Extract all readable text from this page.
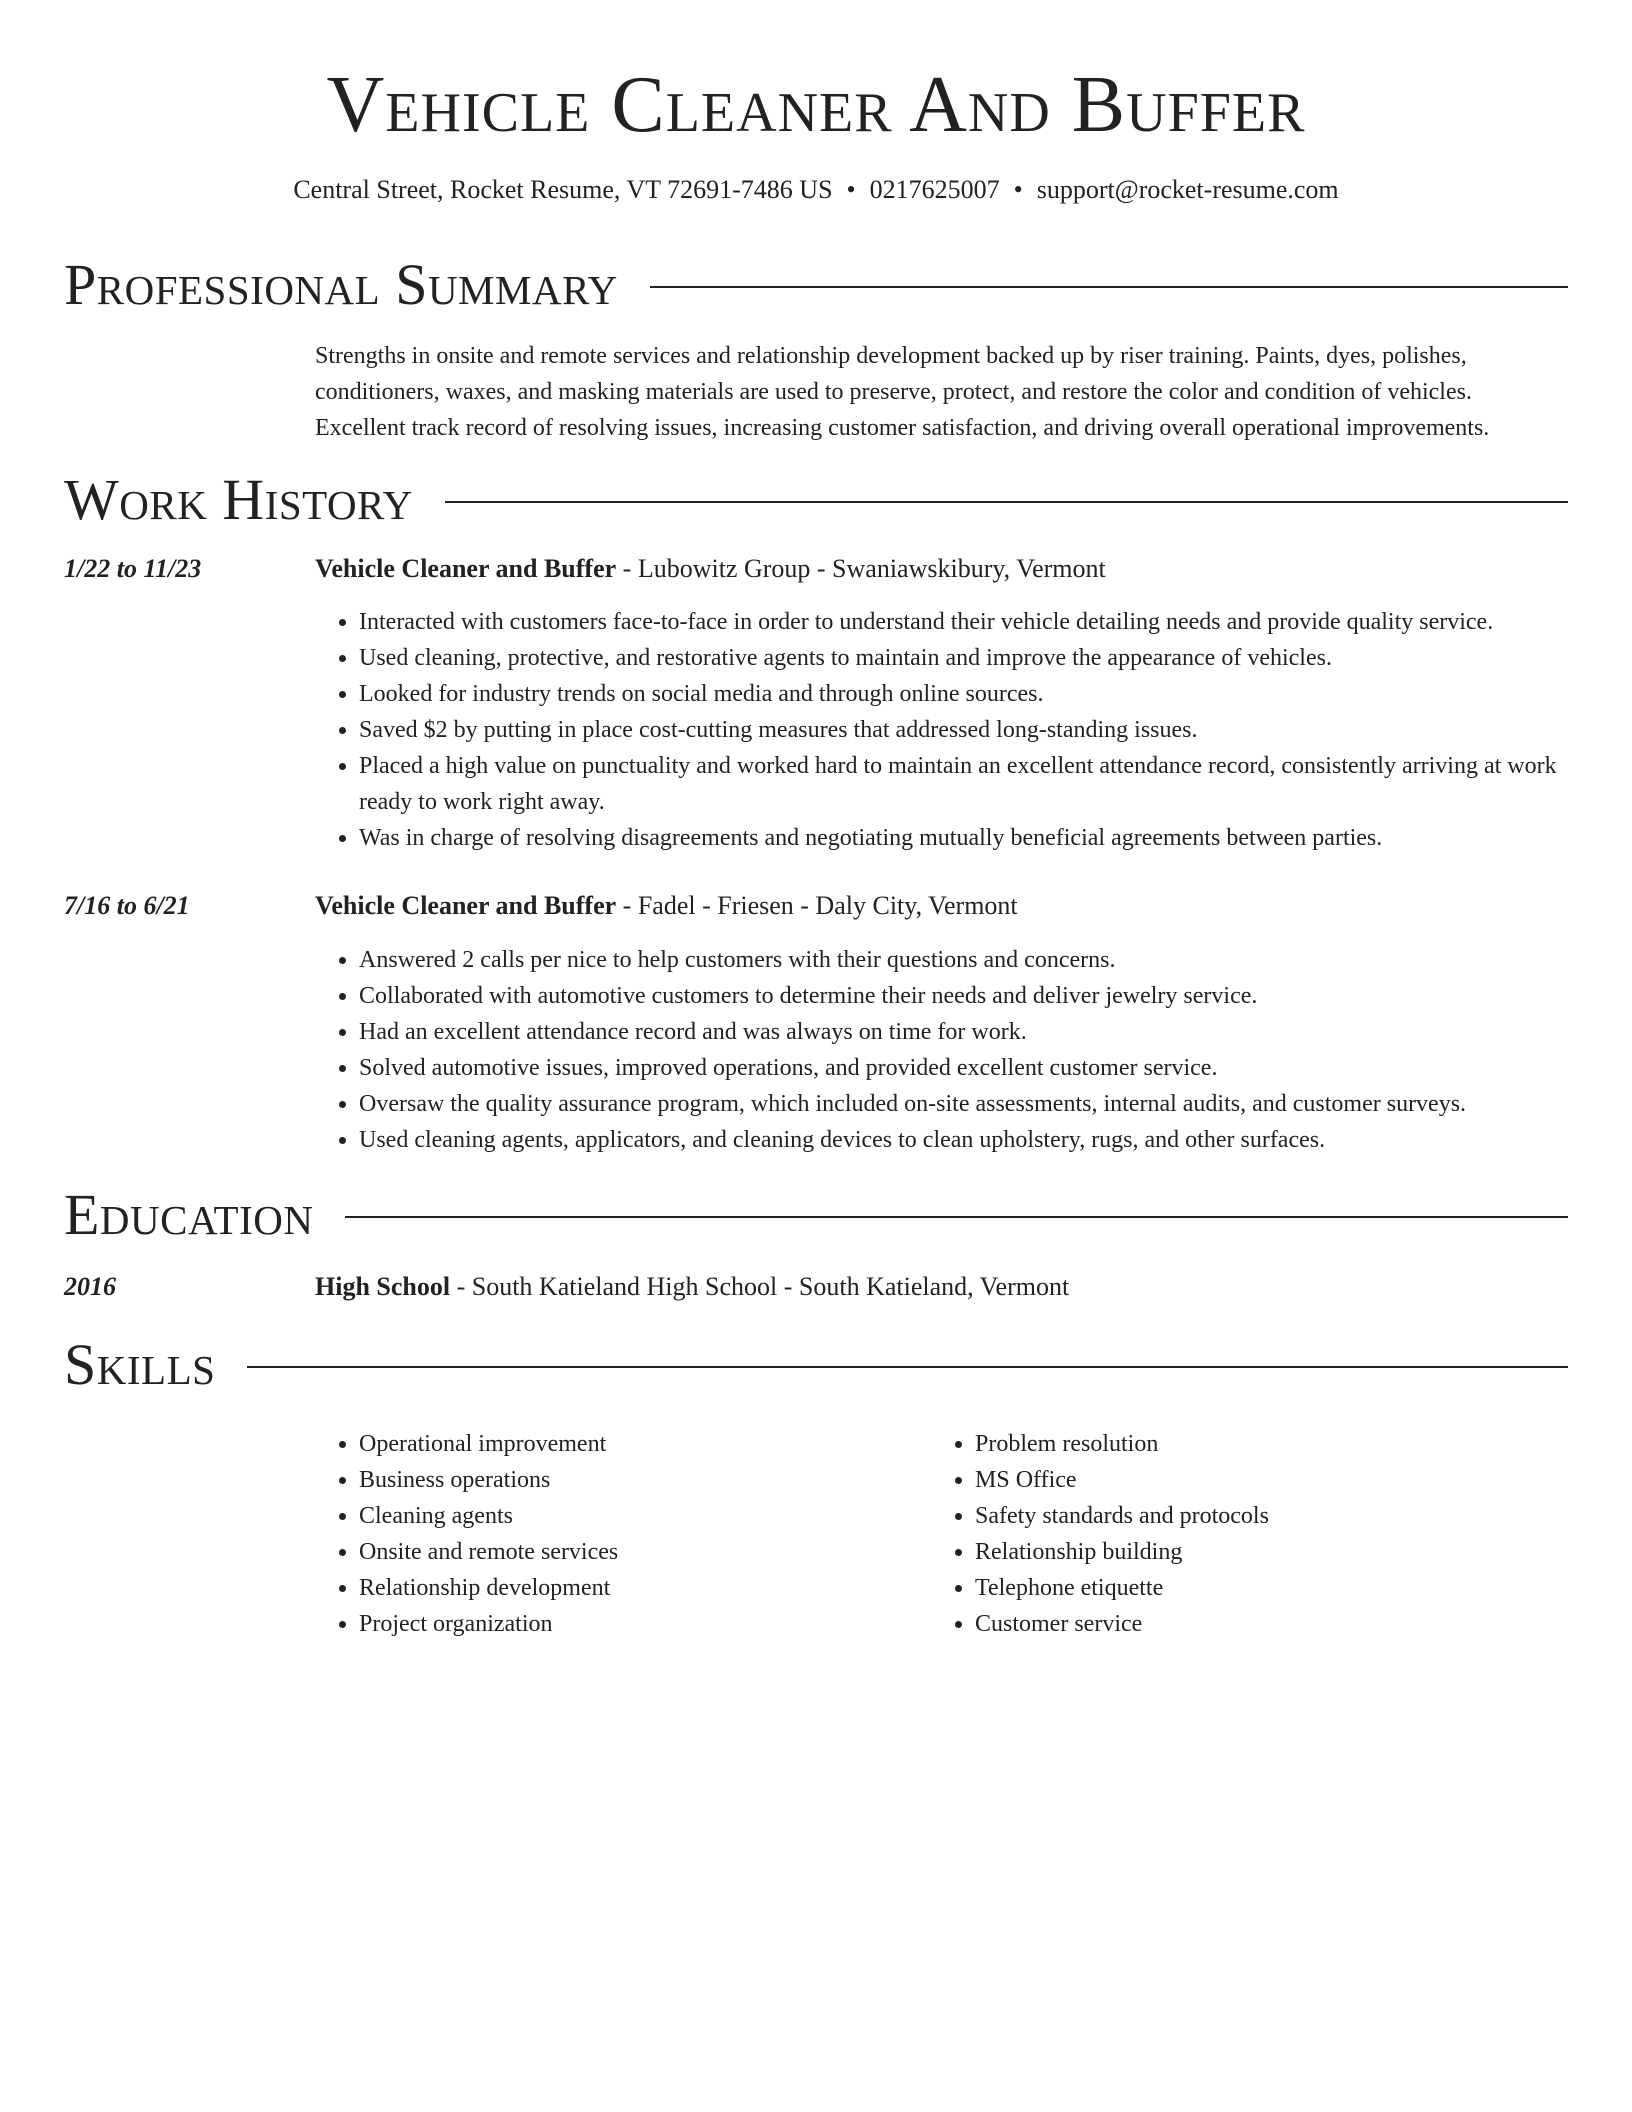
Vehicle Cleaner And Buffer
Central Street, Rocket Resume, VT 72691-7486 US • 0217625007 • support@rocket-resume.com
Professional Summary

Strengths in onsite and remote services and relationship development backed up by riser training. Paints, dyes, polishes, conditioners, waxes, and masking materials are used to preserve, protect, and restore the color and condition of vehicles. Excellent track record of resolving issues, increasing customer satisfaction, and driving overall operational improvements.

Work History
1/22 to 11/23	Vehicle Cleaner and Buffer - Lubowitz Group - Swaniawskibury, Vermont
• Interacted with customers face-to-face in order to understand their vehicle detailing needs and provide quality service.
• Used cleaning, protective, and restorative agents to maintain and improve the appearance of vehicles.
• Looked for industry trends on social media and through online sources.
• Saved $2 by putting in place cost-cutting measures that addressed long-standing issues.
• Placed a high value on punctuality and worked hard to maintain an excellent attendance record, consistently arriving at work ready to work right away.
• Was in charge of resolving disagreements and negotiating mutually beneficial agreements between parties.
7/16 to 6/21	Vehicle Cleaner and Buffer - Fadel - Friesen - Daly City, Vermont
• Answered 2 calls per nice to help customers with their questions and concerns.
• Collaborated with automotive customers to determine their needs and deliver jewelry service.
• Had an excellent attendance record and was always on time for work.
• Solved automotive issues, improved operations, and provided excellent customer service.
• Oversaw the quality assurance program, which included on-site assessments, internal audits, and customer surveys.
• Used cleaning agents, applicators, and cleaning devices to clean upholstery, rugs, and other surfaces.
Education
2016	High School - South Katieland High School - South Katieland, Vermont
Skills
• Operational improvement
• Business operations
• Cleaning agents
• Onsite and remote services
• Relationship development
• Project organization
• Problem resolution
• MS Office
• Safety standards and protocols
• Relationship building
• Telephone etiquette
• Customer service
